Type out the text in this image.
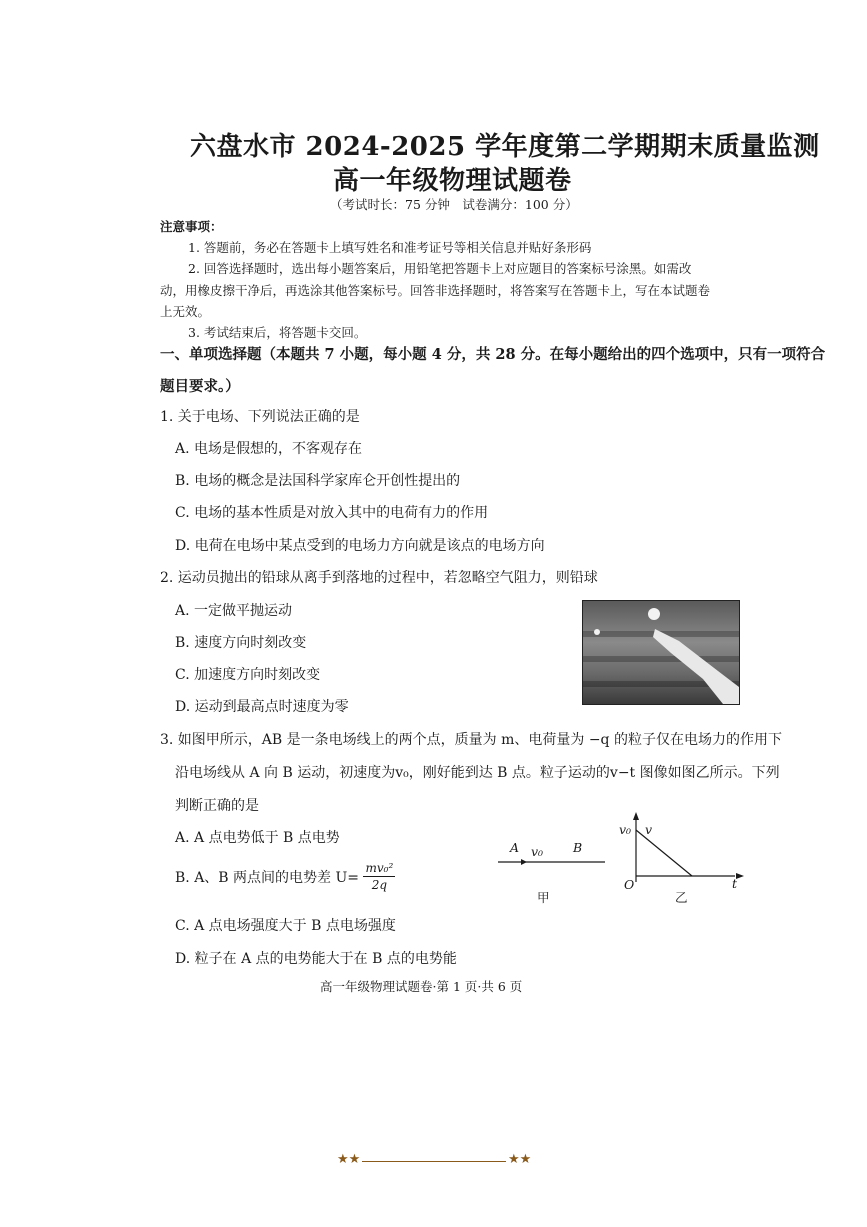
六盘水市 2024-2025 学年度第二学期期末质量监测
高一年级物理试题卷
（考试时长：75 分钟　试卷满分：100 分）
注意事项：
1. 答题前，务必在答题卡上填写姓名和准考证号等相关信息并贴好条形码
2. 回答选择题时，选出每小题答案后，用铅笔把答题卡上对应题目的答案标号涂黑。如需改
动，用橡皮擦干净后，再选涂其他答案标号。回答非选择题时，将答案写在答题卡上，写在本试题卷
上无效。
3. 考试结束后，将答题卡交回。
一、单项选择题（本题共 7 小题，每小题 4 分，共 28 分。在每小题给出的四个选项中，只有一项符合
题目要求。）
1. 关于电场、下列说法正确的是
A. 电场是假想的，不客观存在
B. 电场的概念是法国科学家库仑开创性提出的
C. 电场的基本性质是对放入其中的电荷有力的作用
D. 电荷在电场中某点受到的电场力方向就是该点的电场方向
2. 运动员抛出的铅球从离手到落地的过程中，若忽略空气阻力，则铅球
A. 一定做平抛运动
B. 速度方向时刻改变
C. 加速度方向时刻改变
D. 运动到最高点时速度为零
3. 如图甲所示，AB 是一条电场线上的两个点，质量为 m、电荷量为 −q 的粒子仅在电场力的作用下
沿电场线从 A 向 B 运动，初速度为v₀，刚好能到达 B 点。粒子运动的v−t 图像如图乙所示。下列
判断正确的是
A. A 点电势低于 B 点电势
B. A、B 两点间的电势差 $U= \frac{\text{mv₀²}}{2q}$
C. A 点电场强度大于 B 点电场强度
D. 粒子在 A 点的电势能大于在 B 点的电势能
A v₀ B
甲
v
v₀
O	t
乙
高一年级物理试题卷·第 1 页·共 6 页
★★	★★
